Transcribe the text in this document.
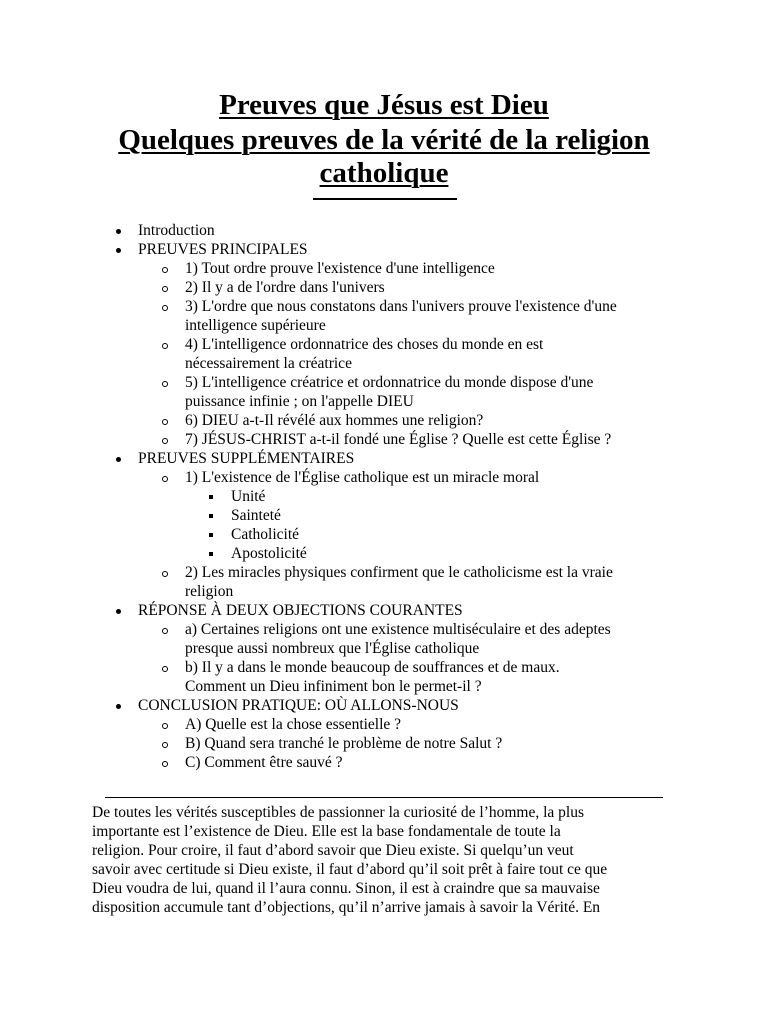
Preuves que Jésus est Dieu
Quelques preuves de la vérité de la religion
catholique
Introduction
PREUVES PRINCIPALES
1) Tout ordre prouve l'existence d'une intelligence
2) Il y a de l'ordre dans l'univers
3) L'ordre que nous constatons dans l'univers prouve l'existence d'une
intelligence supérieure
4) L'intelligence ordonnatrice des choses du monde en est
nécessairement la créatrice
5) L'intelligence créatrice et ordonnatrice du monde dispose d'une
puissance infinie ; on l'appelle DIEU
6) DIEU a-t-Il révélé aux hommes une religion?
7) JÉSUS-CHRIST a-t-il fondé une Église ? Quelle est cette Église ?
PREUVES SUPPLÉMENTAIRES
1) L'existence de l'Église catholique est un miracle moral
Unité
Sainteté
Catholicité
Apostolicité
2) Les miracles physiques confirment que le catholicisme est la vraie
religion
RÉPONSE À DEUX OBJECTIONS COURANTES
a) Certaines religions ont une existence multiséculaire et des adeptes
presque aussi nombreux que l'Église catholique
b) Il y a dans le monde beaucoup de souffrances et de maux.
Comment un Dieu infiniment bon le permet-il ?
CONCLUSION PRATIQUE: OÙ ALLONS-NOUS
A) Quelle est la chose essentielle ?
B) Quand sera tranché le problème de notre Salut ?
C) Comment être sauvé ?

De toutes les vérités susceptibles de passionner la curiosité de l’homme, la plus
importante est l’existence de Dieu. Elle est la base fondamentale de toute la
religion. Pour croire, il faut d’abord savoir que Dieu existe. Si quelqu’un veut
savoir avec certitude si Dieu existe, il faut d’abord qu’il soit prêt à faire tout ce que
Dieu voudra de lui, quand il l’aura connu. Sinon, il est à craindre que sa mauvaise
disposition accumule tant d’objections, qu’il n’arrive jamais à savoir la Vérité. En
